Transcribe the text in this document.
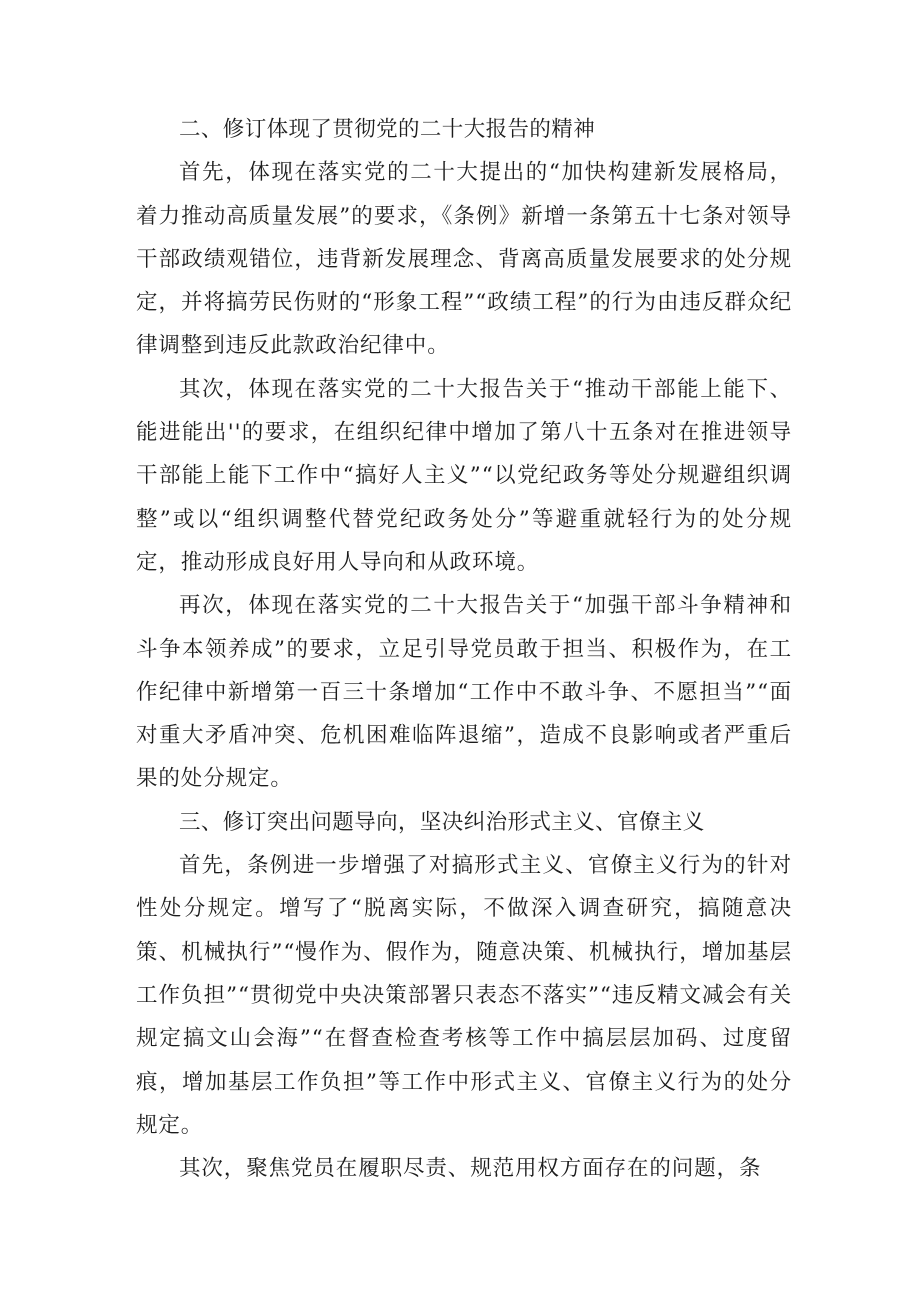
二、修订体现了贯彻党的二十大报告的精神

首先，体现在落实党的二十大提出的“加快构建新发展格局，着力推动高质量发展”的要求，《条例》新增一条第五十七条对领导干部政绩观错位，违背新发展理念、背离高质量发展要求的处分规定，并将搞劳民伤财的“形象工程”“政绩工程”的行为由违反群众纪律调整到违反此款政治纪律中。

其次，体现在落实党的二十大报告关于“推动干部能上能下、能进能出''的要求，在组织纪律中增加了第八十五条对在推进领导干部能上能下工作中“搞好人主义”“以党纪政务等处分规避组织调整”或以“组织调整代替党纪政务处分”等避重就轻行为的处分规定，推动形成良好用人导向和从政环境。

再次，体现在落实党的二十大报告关于“加强干部斗争精神和斗争本领养成”的要求，立足引导党员敢于担当、积极作为，在工作纪律中新增第一百三十条增加“工作中不敢斗争、不愿担当”“面对重大矛盾冲突、危机困难临阵退缩”，造成不良影响或者严重后果的处分规定。

三、修订突出问题导向，坚决纠治形式主义、官僚主义

首先，条例进一步增强了对搞形式主义、官僚主义行为的针对性处分规定。增写了“脱离实际，不做深入调查研究，搞随意决策、机械执行”“慢作为、假作为，随意决策、机械执行，增加基层工作负担”“贯彻党中央决策部署只表态不落实”“违反精文减会有关规定搞文山会海”“在督查检查考核等工作中搞层层加码、过度留痕，增加基层工作负担”等工作中形式主义、官僚主义行为的处分规定。

其次，聚焦党员在履职尽责、规范用权方面存在的问题，条
